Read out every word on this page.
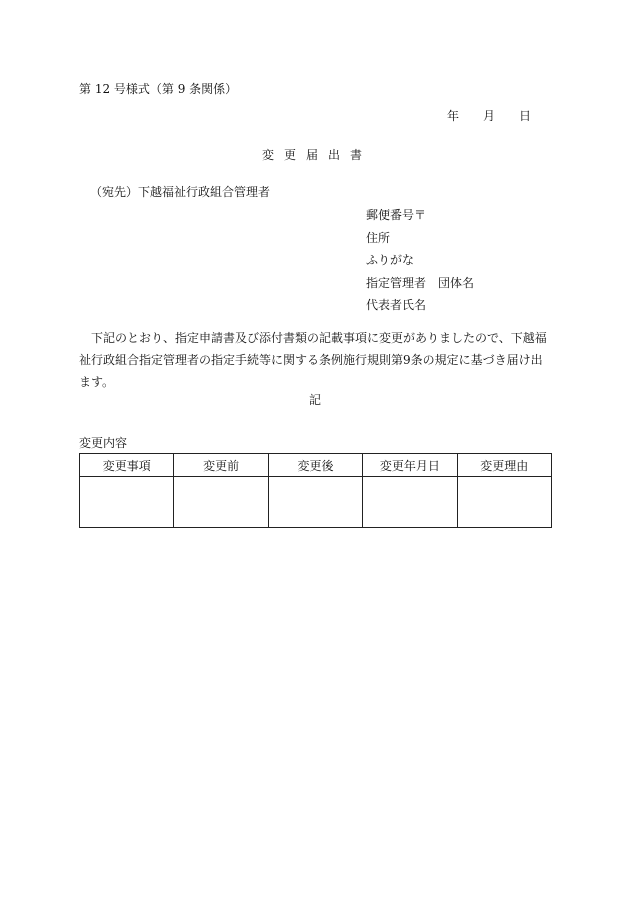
第 12 号様式（第 9 条関係）
年 月 日
変更届出書
（宛先）下越福祉行政組合管理者
郵便番号〒
住所
ふりがな
指定管理者　団体名
代表者氏名
下記のとおり、指定申請書及び添付書類の記載事項に変更がありましたので、下越福祉行政組合指定管理者の指定手続等に関する条例施行規則第9条の規定に基づき届け出ます。
記
変更内容
変更事項	変更前	変更後	変更年月日	変更理由
